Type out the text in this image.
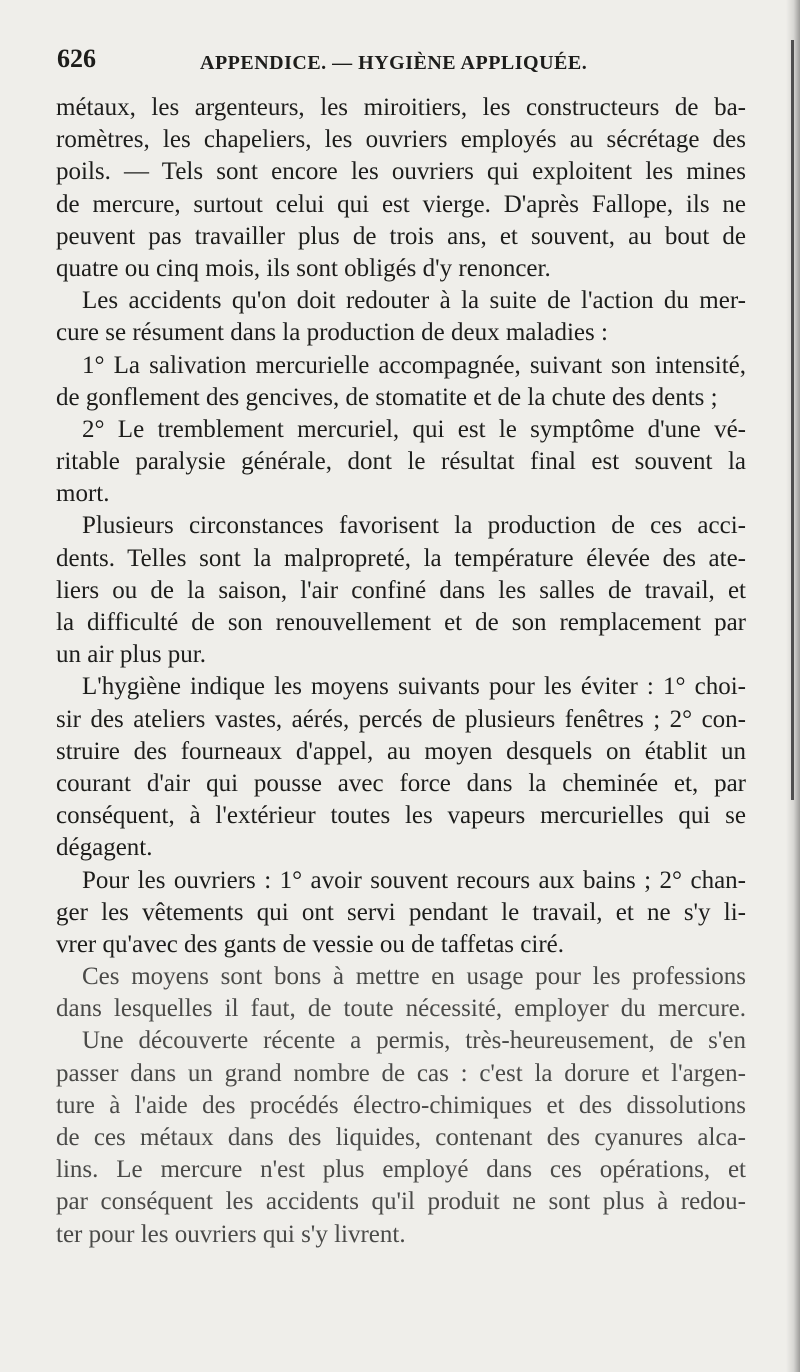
626	APPENDICE. — HYGIÈNE APPLIQUÉE.
métaux, les argenteurs, les miroitiers, les constructeurs de ba-
romètres, les chapeliers, les ouvriers employés au sécrétage des
poils. — Tels sont encore les ouvriers qui exploitent les mines
de mercure, surtout celui qui est vierge. D'après Fallope, ils ne
peuvent pas travailler plus de trois ans, et souvent, au bout de
quatre ou cinq mois, ils sont obligés d'y renoncer.
Les accidents qu'on doit redouter à la suite de l'action du mer-
cure se résument dans la production de deux maladies :
1° La salivation mercurielle accompagnée, suivant son intensité,
de gonflement des gencives, de stomatite et de la chute des dents ;
2° Le tremblement mercuriel, qui est le symptôme d'une vé-
ritable paralysie générale, dont le résultat final est souvent la
mort.
Plusieurs circonstances favorisent la production de ces acci-
dents. Telles sont la malpropreté, la température élevée des ate-
liers ou de la saison, l'air confiné dans les salles de travail, et
la difficulté de son renouvellement et de son remplacement par
un air plus pur.
L'hygiène indique les moyens suivants pour les éviter : 1° choi-
sir des ateliers vastes, aérés, percés de plusieurs fenêtres ; 2° con-
struire des fourneaux d'appel, au moyen desquels on établit un
courant d'air qui pousse avec force dans la cheminée et, par
conséquent, à l'extérieur toutes les vapeurs mercurielles qui se
dégagent.
Pour les ouvriers : 1° avoir souvent recours aux bains ; 2° chan-
ger les vêtements qui ont servi pendant le travail, et ne s'y li-
vrer qu'avec des gants de vessie ou de taffetas ciré.
Ces moyens sont bons à mettre en usage pour les professions
dans lesquelles il faut, de toute nécessité, employer du mercure.
Une découverte récente a permis, très-heureusement, de s'en
passer dans un grand nombre de cas : c'est la dorure et l'argen-
ture à l'aide des procédés électro-chimiques et des dissolutions
de ces métaux dans des liquides, contenant des cyanures alca-
lins. Le mercure n'est plus employé dans ces opérations, et
par conséquent les accidents qu'il produit ne sont plus à redou-
ter pour les ouvriers qui s'y livrent.
